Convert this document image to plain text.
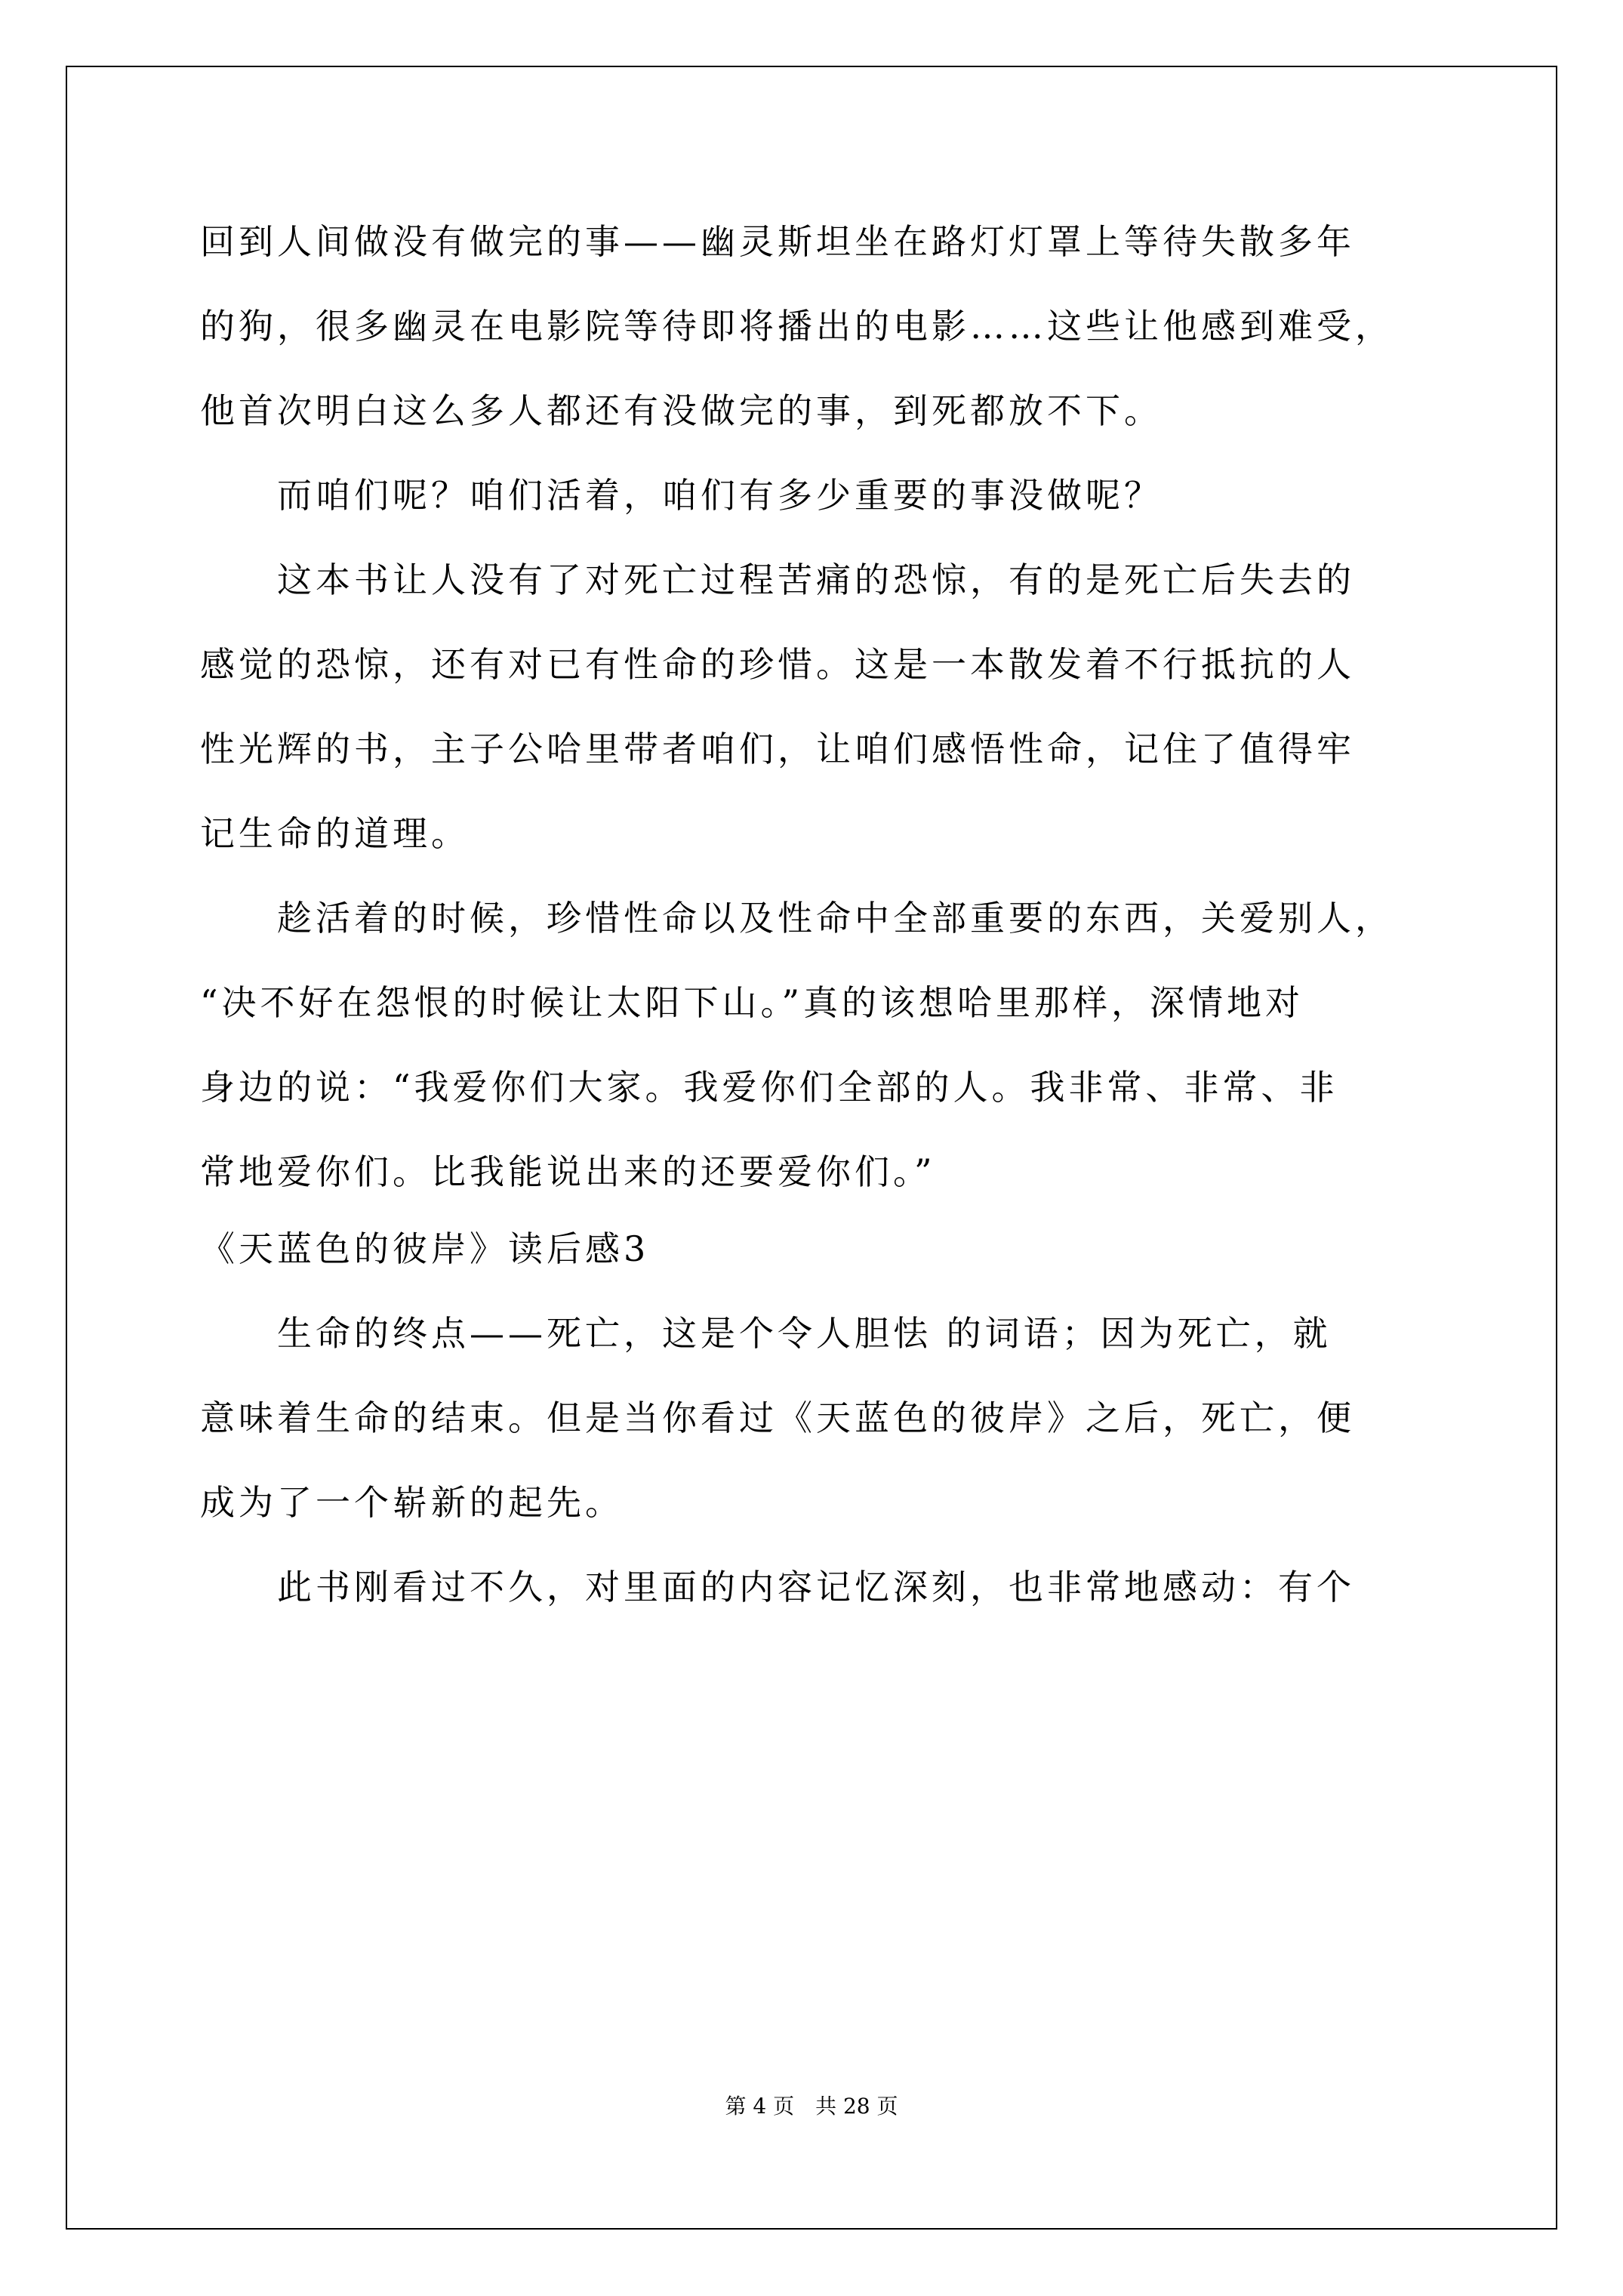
回到人间做没有做完的事——幽灵斯坦坐在路灯灯罩上等待失散多年
的狗，很多幽灵在电影院等待即将播出的电影……这些让他感到难受，
他首次明白这么多人都还有没做完的事，到死都放不下。
　　而咱们呢？咱们活着，咱们有多少重要的事没做呢？
　　这本书让人没有了对死亡过程苦痛的恐惊，有的是死亡后失去的
感觉的恐惊，还有对已有性命的珍惜。这是一本散发着不行抵抗的人
性光辉的书，主子公哈里带者咱们，让咱们感悟性命，记住了值得牢
记生命的道理。
　　趁活着的时候，珍惜性命以及性命中全部重要的东西，关爱别人，
“决不好在怨恨的时候让太阳下山。”真的该想哈里那样，深情地对
身边的说：“我爱你们大家。我爱你们全部的人。我非常、非常、非
常地爱你们。比我能说出来的还要爱你们。”
《天蓝色的彼岸》读后感3
　　生命的终点——死亡，这是个令人胆怯 的词语；因为死亡，就
意味着生命的结束。但是当你看过《天蓝色的彼岸》之后，死亡，便
成为了一个崭新的起先。
　　此书刚看过不久，对里面的内容记忆深刻，也非常地感动：有个
第 4 页　共 28 页
